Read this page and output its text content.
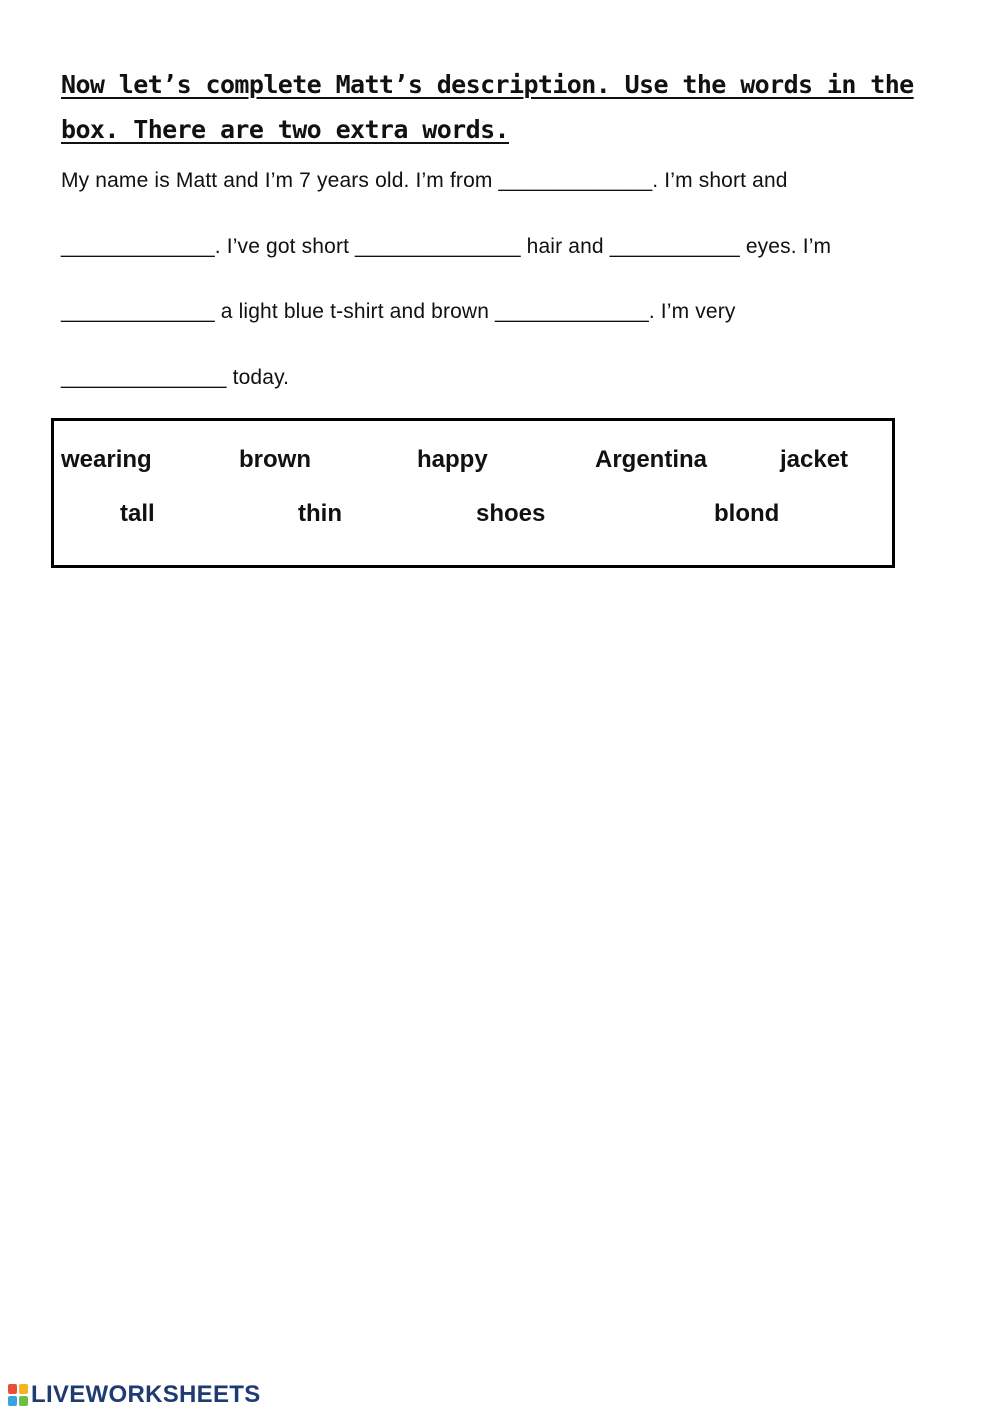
Now let’s complete Matt’s description. Use the words in the box. There are two extra words.

My name is Matt and I’m 7 years old. I’m from _____________. I’m short and

_____________. I’ve got short ______________ hair and ___________ eyes. I’m

_____________ a light blue t-shirt and brown _____________. I’m very

______________ today.

wearing	brown	happy	Argentina	jacket
tall	thin	shoes	blond
LIVEWORKSHEETS
